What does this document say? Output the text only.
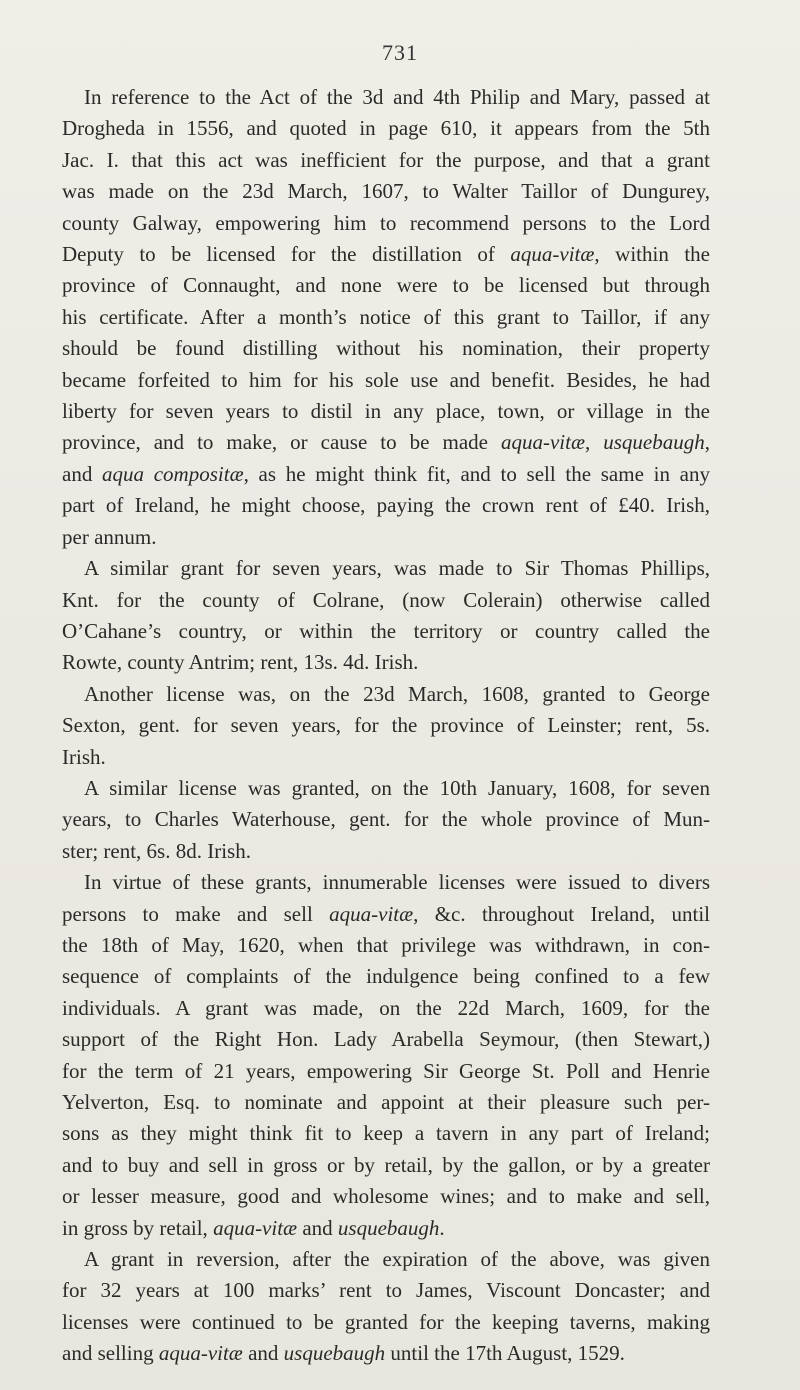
731
In reference to the Act of the 3d and 4th Philip and Mary, passed at
Drogheda in 1556, and quoted in page 610, it appears from the 5th
Jac. I. that this act was inefficient for the purpose, and that a grant
was made on the 23d March, 1607, to Walter Taillor of Dungurey,
county Galway, empowering him to recommend persons to the Lord
Deputy to be licensed for the distillation of aqua-vitæ, within the
province of Connaught, and none were to be licensed but through
his certificate. After a month’s notice of this grant to Taillor, if any
should be found distilling without his nomination, their property
became forfeited to him for his sole use and benefit. Besides, he had
liberty for seven years to distil in any place, town, or village in the
province, and to make, or cause to be made aqua-vitæ, usquebaugh,
and aqua compositæ, as he might think fit, and to sell the same in any
part of Ireland, he might choose, paying the crown rent of £40. Irish,
per annum.
A similar grant for seven years, was made to Sir Thomas Phillips,
Knt. for the county of Colrane, (now Colerain) otherwise called
O’Cahane’s country, or within the territory or country called the
Rowte, county Antrim; rent, 13s. 4d. Irish.
Another license was, on the 23d March, 1608, granted to George
Sexton, gent. for seven years, for the province of Leinster; rent, 5s.
Irish.
A similar license was granted, on the 10th January, 1608, for seven
years, to Charles Waterhouse, gent. for the whole province of Mun-
ster; rent, 6s. 8d. Irish.
In virtue of these grants, innumerable licenses were issued to divers
persons to make and sell aqua-vitæ, &c. throughout Ireland, until
the 18th of May, 1620, when that privilege was withdrawn, in con-
sequence of complaints of the indulgence being confined to a few
individuals. A grant was made, on the 22d March, 1609, for the
support of the Right Hon. Lady Arabella Seymour, (then Stewart,)
for the term of 21 years, empowering Sir George St. Poll and Henrie
Yelverton, Esq. to nominate and appoint at their pleasure such per-
sons as they might think fit to keep a tavern in any part of Ireland;
and to buy and sell in gross or by retail, by the gallon, or by a greater
or lesser measure, good and wholesome wines; and to make and sell,
in gross by retail, aqua-vitæ and usquebaugh.
A grant in reversion, after the expiration of the above, was given
for 32 years at 100 marks’ rent to James, Viscount Doncaster; and
licenses were continued to be granted for the keeping taverns, making
and selling aqua-vitæ and usquebaugh until the 17th August, 1529.
